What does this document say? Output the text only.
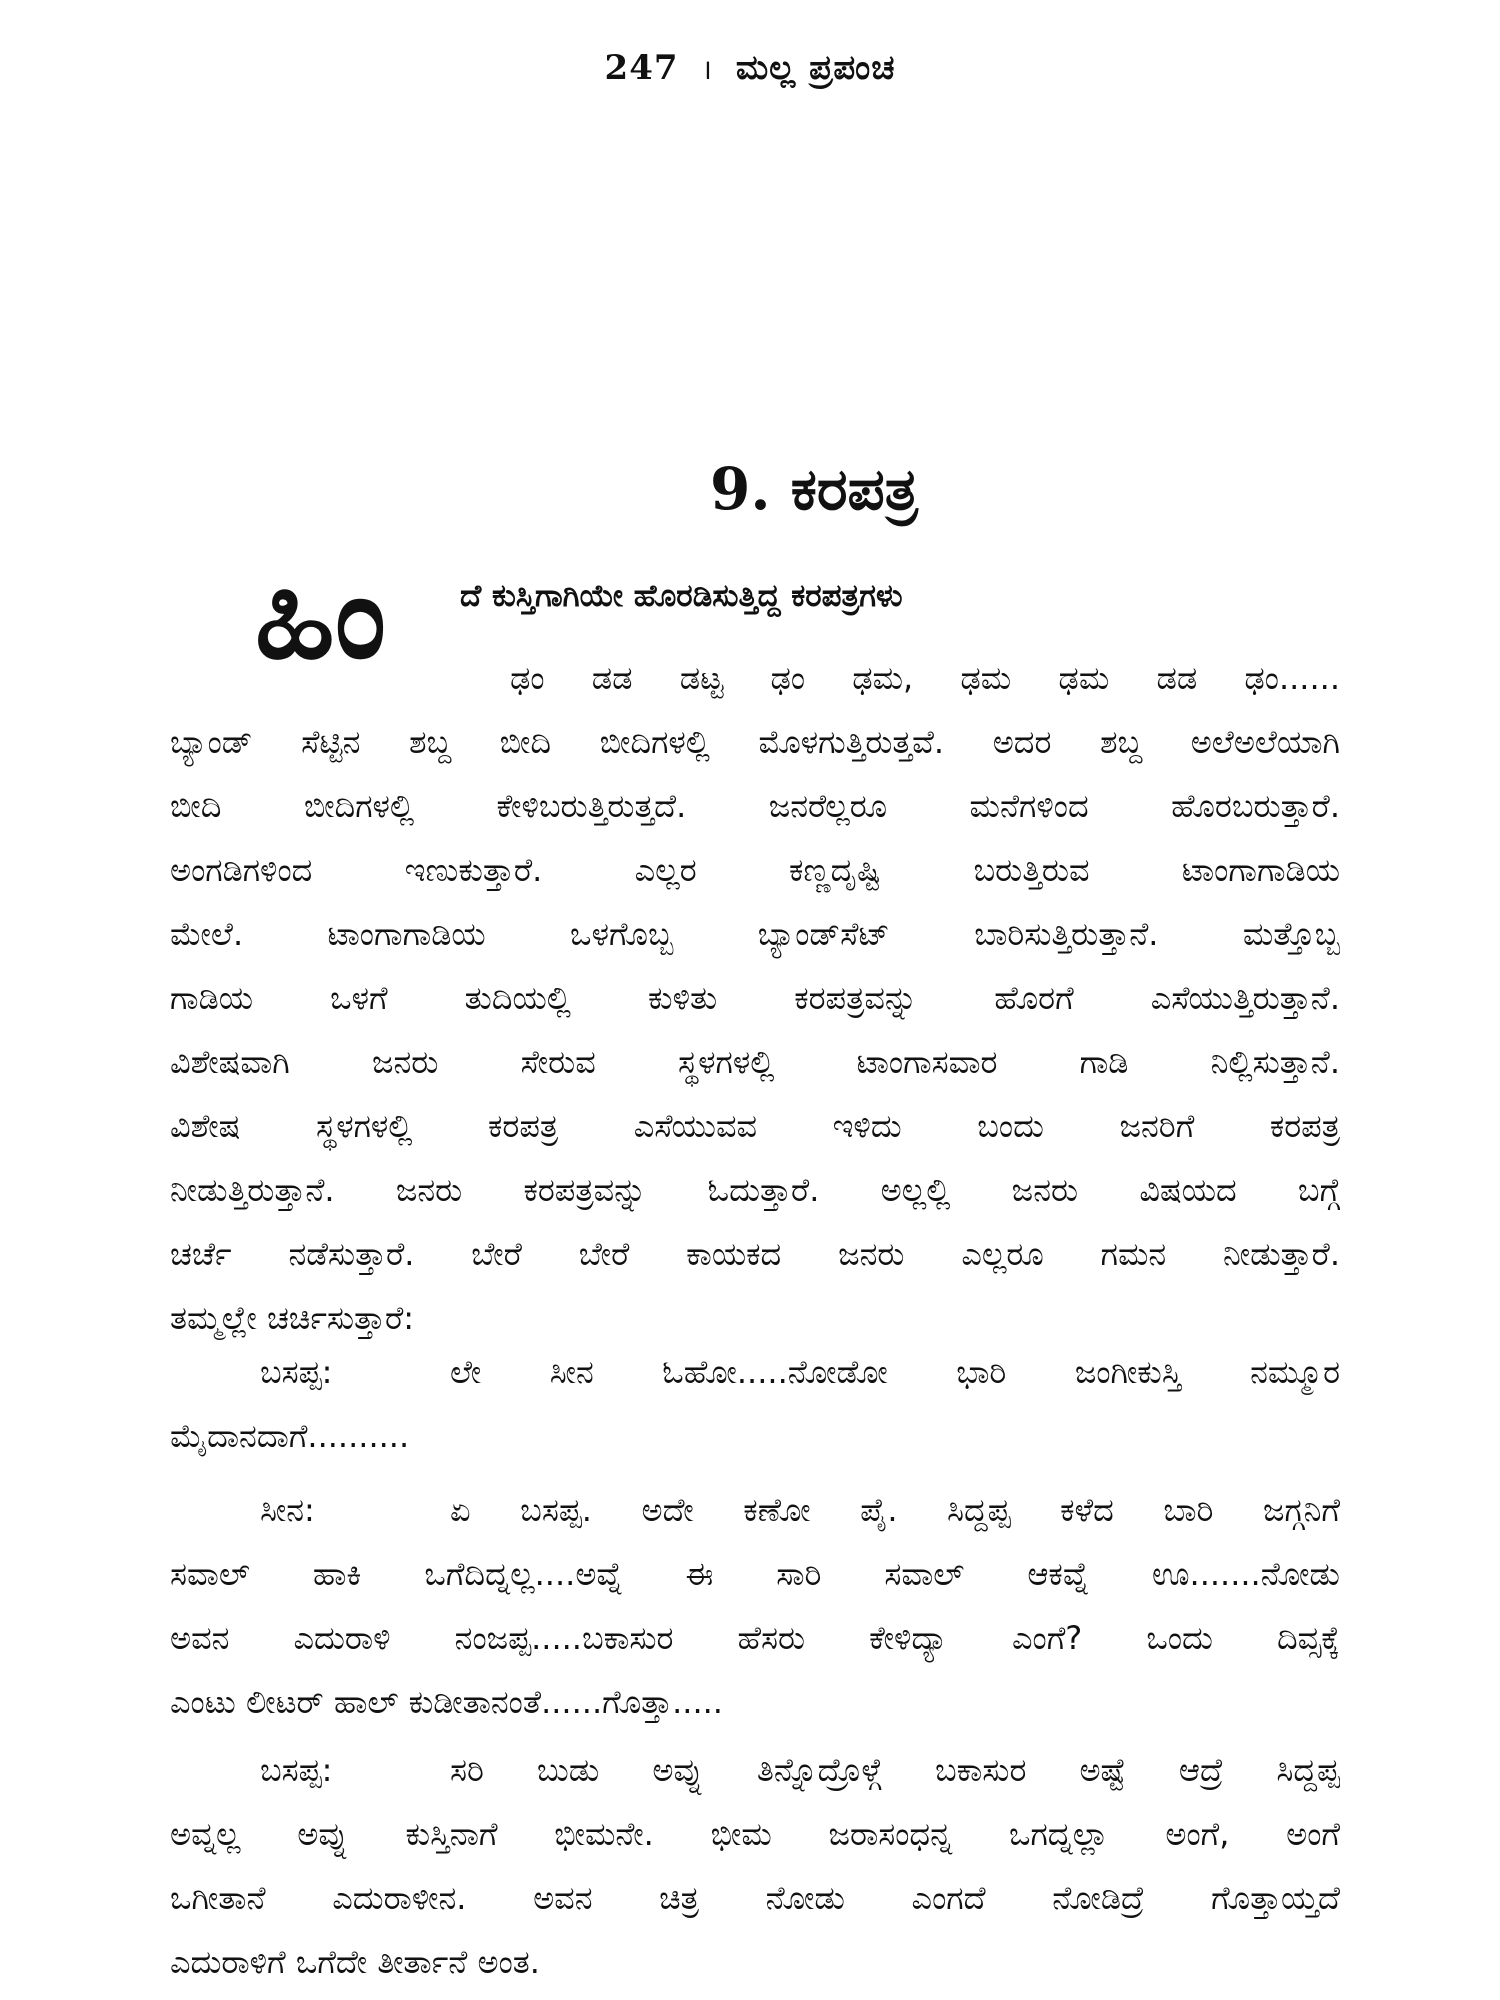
247 । ಮಲ್ಲ ಪ್ರಪಂಚ
9. ಕರಪತ್ರ
ಹಿಂ ದೆ ಕುಸ್ತಿಗಾಗಿಯೇ ಹೊರಡಿಸುತ್ತಿದ್ದ ಕರಪತ್ರಗಳು
ಢಂ ಡಡ ಡಟ್ಟ ಢಂ ಢಮ, ಢಮ ಢಮ ಡಡ ಢಂ......
ಬ್ಯಾಂಡ್ ಸೆಟ್ಟಿನ ಶಬ್ದ ಬೀದಿ ಬೀದಿಗಳಲ್ಲಿ ಮೊಳಗುತ್ತಿರುತ್ತವೆ. ಅದರ ಶಬ್ದ ಅಲೆಅಲೆಯಾಗಿ
ಬೀದಿ ಬೀದಿಗಳಲ್ಲಿ ಕೇಳಿಬರುತ್ತಿರುತ್ತದೆ. ಜನರೆಲ್ಲರೂ ಮನೆಗಳಿಂದ ಹೊರಬರುತ್ತಾರೆ.
ಅಂಗಡಿಗಳಿಂದ ಇಣುಕುತ್ತಾರೆ. ಎಲ್ಲರ ಕಣ್ಣದೃಷ್ಟಿ ಬರುತ್ತಿರುವ ಟಾಂಗಾಗಾಡಿಯ
ಮೇಲೆ. ಟಾಂಗಾಗಾಡಿಯ ಒಳಗೊಬ್ಬ ಬ್ಯಾಂಡ್‌ಸೆಟ್ ಬಾರಿಸುತ್ತಿರುತ್ತಾನೆ. ಮತ್ತೊಬ್ಬ
ಗಾಡಿಯ ಒಳಗೆ ತುದಿಯಲ್ಲಿ ಕುಳಿತು ಕರಪತ್ರವನ್ನು ಹೊರಗೆ ಎಸೆಯುತ್ತಿರುತ್ತಾನೆ.
ವಿಶೇಷವಾಗಿ ಜನರು ಸೇರುವ ಸ್ಥಳಗಳಲ್ಲಿ ಟಾಂಗಾಸವಾರ ಗಾಡಿ ನಿಲ್ಲಿಸುತ್ತಾನೆ.
ವಿಶೇಷ ಸ್ಥಳಗಳಲ್ಲಿ ಕರಪತ್ರ ಎಸೆಯುವವ ಇಳಿದು ಬಂದು ಜನರಿಗೆ ಕರಪತ್ರ
ನೀಡುತ್ತಿರುತ್ತಾನೆ. ಜನರು ಕರಪತ್ರವನ್ನು ಓದುತ್ತಾರೆ. ಅಲ್ಲಲ್ಲಿ ಜನರು ವಿಷಯದ ಬಗ್ಗೆ
ಚರ್ಚೆ ನಡೆಸುತ್ತಾರೆ. ಬೇರೆ ಬೇರೆ ಕಾಯಕದ ಜನರು ಎಲ್ಲರೂ ಗಮನ ನೀಡುತ್ತಾರೆ.
ತಮ್ಮಲ್ಲೇ ಚರ್ಚಿಸುತ್ತಾರೆ:
ಬಸಪ್ಪ:	ಲೇ ಸೀನ ಓಹೋ.....ನೋಡೋ ಭಾರಿ ಜಂಗೀಕುಸ್ತಿ ನಮ್ಮೂರ
ಮೈದಾನದಾಗೆ..........
ಸೀನ:	ಏ ಬಸಪ್ಪ. ಅದೇ ಕಣೋ ಪೈ. ಸಿದ್ದಪ್ಪ ಕಳೆದ ಬಾರಿ ಜಗ್ಗನಿಗೆ
ಸವಾಲ್ ಹಾಕಿ ಒಗೆದಿದ್ನಲ್ಲ....ಅವ್ನೆ ಈ ಸಾರಿ ಸವಾಲ್ ಆಕವ್ನೆ ಊ.......ನೋಡು
ಅವನ ಎದುರಾಳಿ ನಂಜಪ್ಪ.....ಬಕಾಸುರ ಹೆಸರು ಕೇಳಿದ್ಯಾ ಎಂಗೆ? ಒಂದು ದಿವ್ಸಕ್ಕೆ
ಎಂಟು ಲೀಟರ್ ಹಾಲ್ ಕುಡೀತಾನಂತೆ......ಗೊತ್ತಾ.....
ಬಸಪ್ಪ:	ಸರಿ ಬುಡು ಅವ್ನು ತಿನ್ನೊದ್ರೊಳ್ಗೆ ಬಕಾಸುರ ಅಷ್ಟೆ ಆದ್ರೆ ಸಿದ್ದಪ್ಪ
ಅವ್ನಲ್ಲ ಅವ್ನು ಕುಸ್ತಿನಾಗೆ ಭೀಮನೇ. ಭೀಮ ಜರಾಸಂಧನ್ನ ಒಗದ್ನಲ್ಲಾ ಅಂಗೆ, ಅಂಗೆ
ಒಗೀತಾನೆ ಎದುರಾಳೀನ. ಅವನ ಚಿತ್ರ ನೋಡು ಎಂಗದೆ ನೋಡಿದ್ರೆ ಗೊತ್ತಾಯ್ತದೆ
ಎದುರಾಳಿಗೆ ಒಗೆದೇ ತೀರ್ತಾನೆ ಅಂತ.
